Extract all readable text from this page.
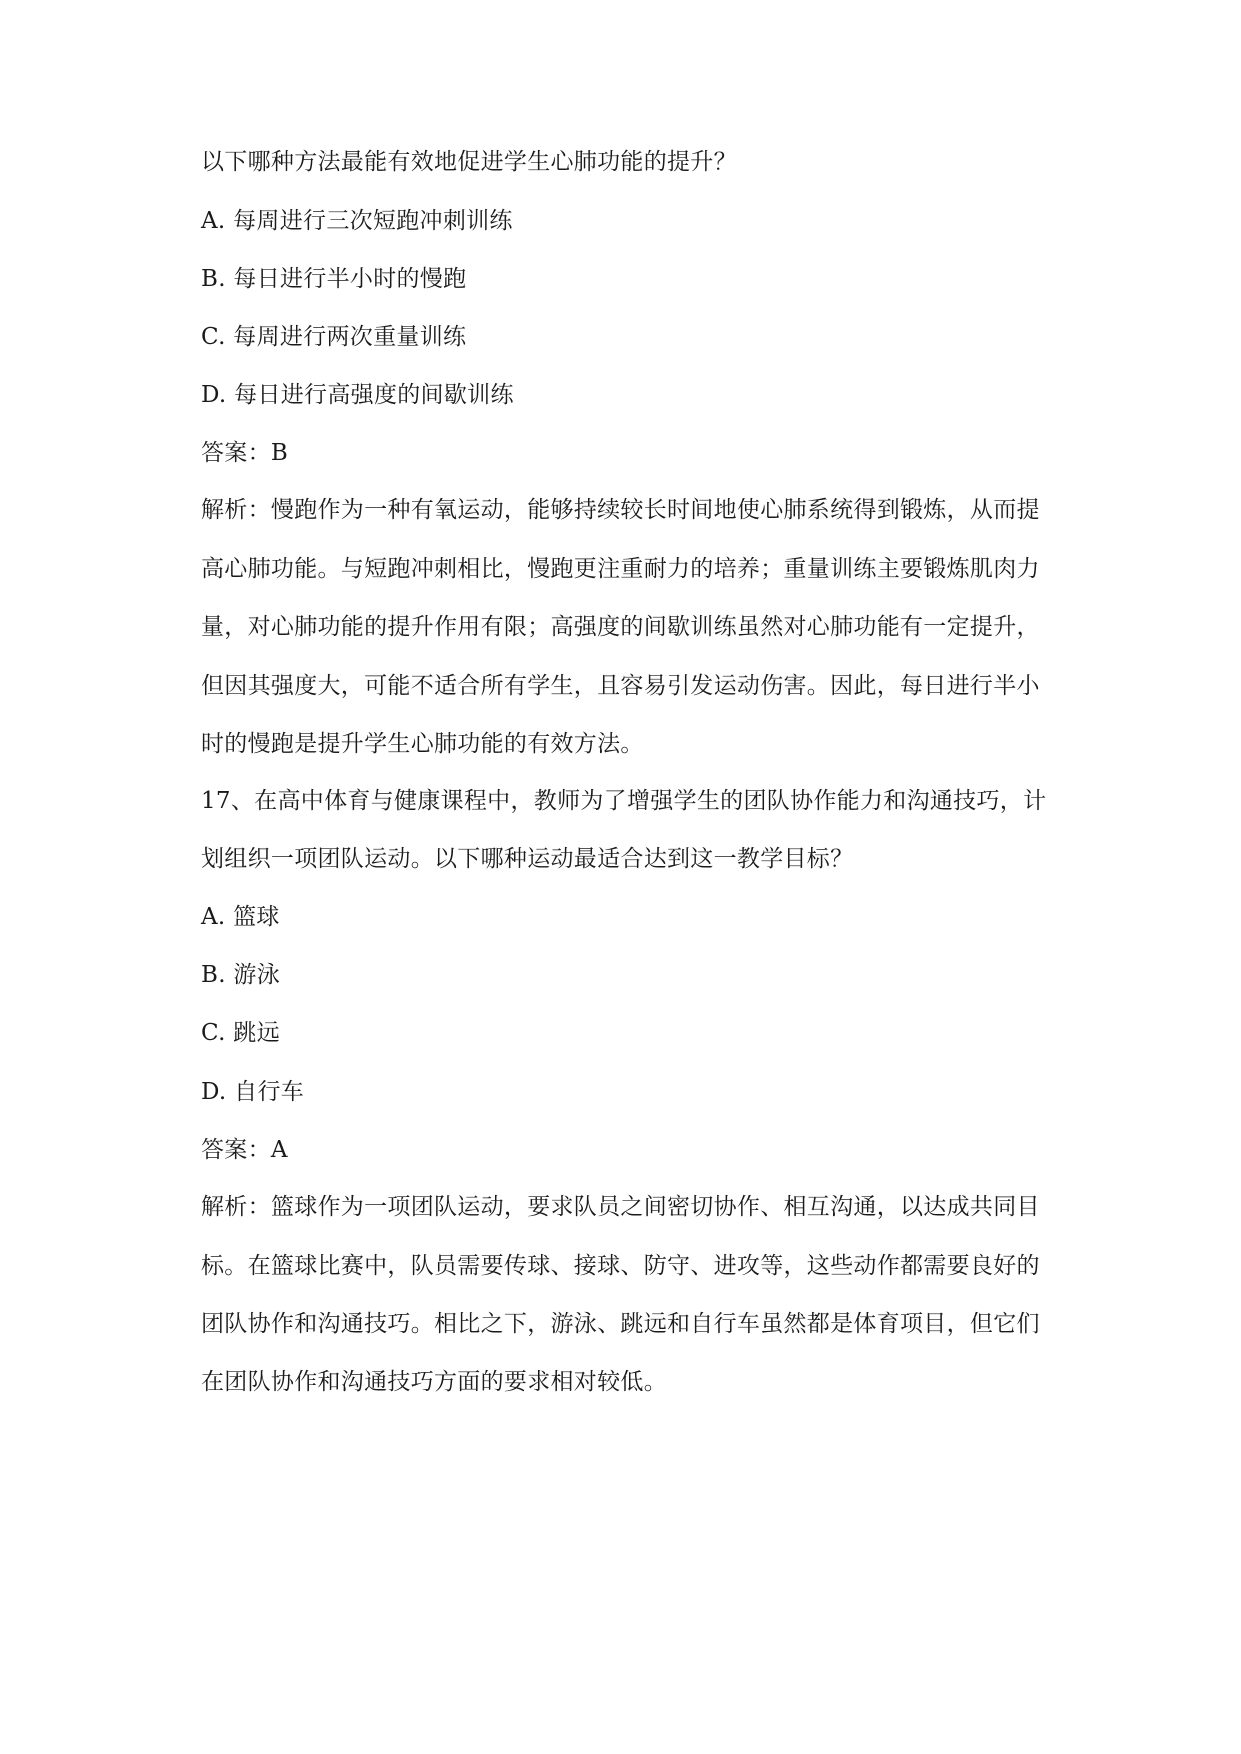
以下哪种方法最能有效地促进学生心肺功能的提升？
A. 每周进行三次短跑冲刺训练
B. 每日进行半小时的慢跑
C. 每周进行两次重量训练
D. 每日进行高强度的间歇训练
答案：B
解析：慢跑作为一种有氧运动，能够持续较长时间地使心肺系统得到锻炼，从而提
高心肺功能。与短跑冲刺相比，慢跑更注重耐力的培养；重量训练主要锻炼肌肉力
量，对心肺功能的提升作用有限；高强度的间歇训练虽然对心肺功能有一定提升，
但因其强度大，可能不适合所有学生，且容易引发运动伤害。因此，每日进行半小
时的慢跑是提升学生心肺功能的有效方法。
17、在高中体育与健康课程中，教师为了增强学生的团队协作能力和沟通技巧，计
划组织一项团队运动。以下哪种运动最适合达到这一教学目标？
A. 篮球
B. 游泳
C. 跳远
D. 自行车
答案：A
解析：篮球作为一项团队运动，要求队员之间密切协作、相互沟通，以达成共同目
标。在篮球比赛中，队员需要传球、接球、防守、进攻等，这些动作都需要良好的
团队协作和沟通技巧。相比之下，游泳、跳远和自行车虽然都是体育项目，但它们
在团队协作和沟通技巧方面的要求相对较低。
